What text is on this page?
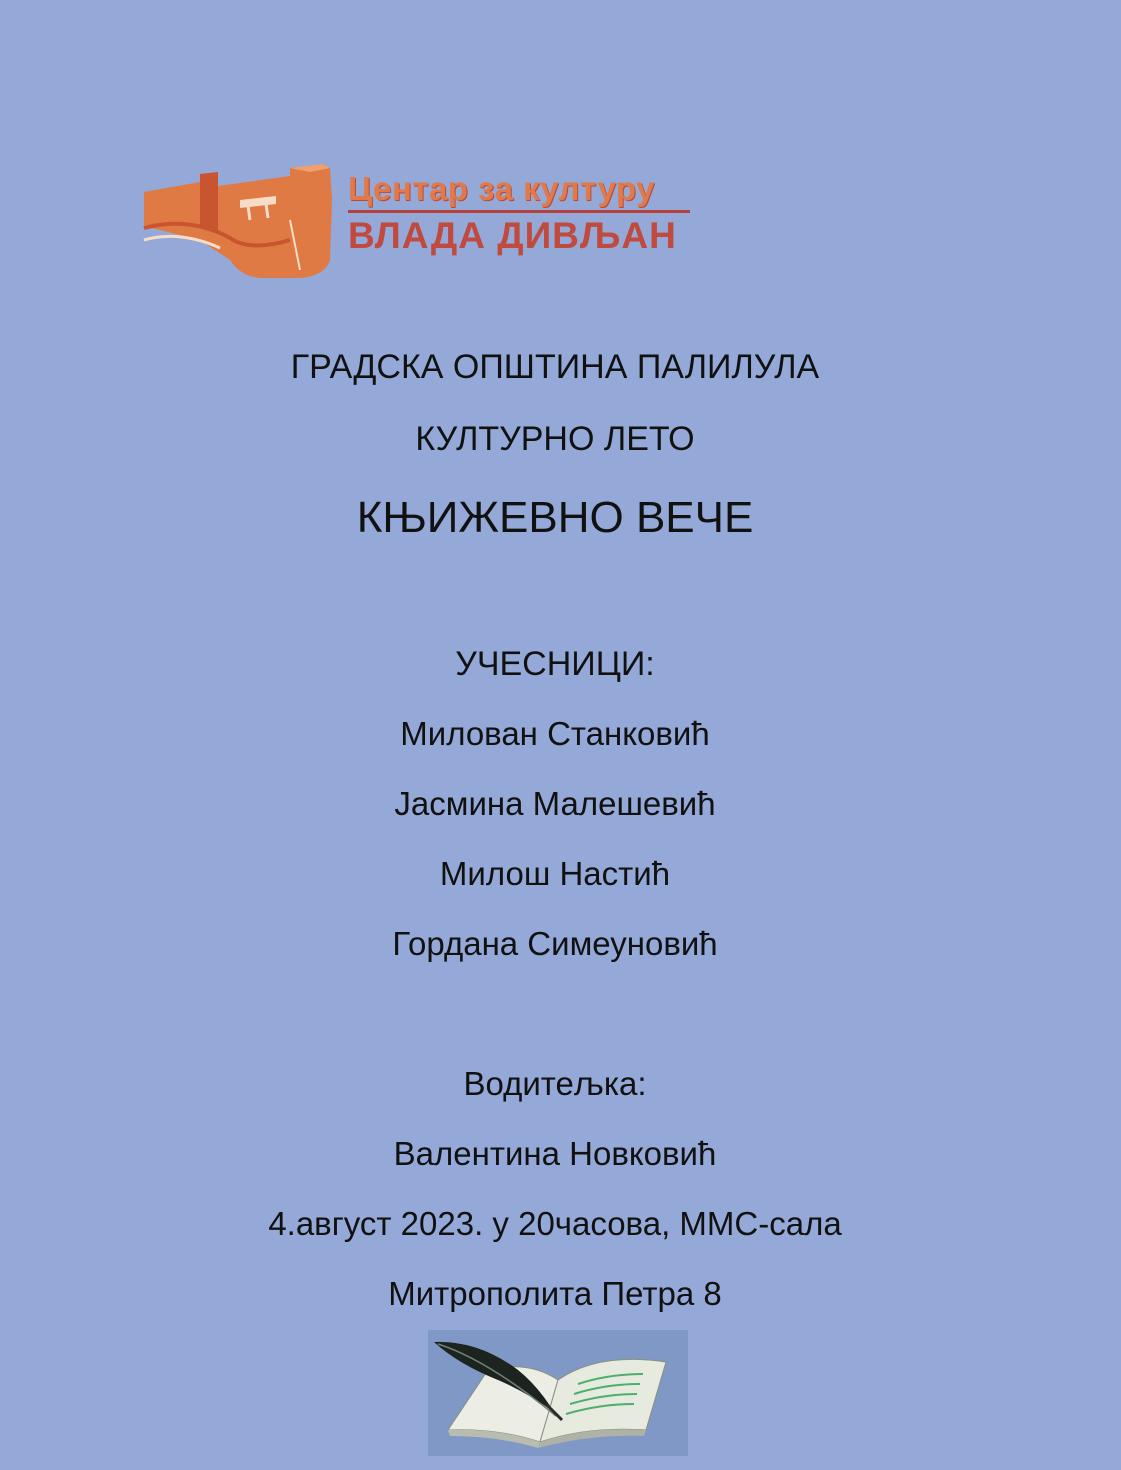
Центар за културу
ВЛАДА ДИВЉАН
ГРАДСКА ОПШТИНА ПАЛИЛУЛА
КУЛТУРНО ЛЕТО
КЊИЖЕВНО ВЕЧЕ
УЧЕСНИЦИ:
Милован Станковић
Јасмина Малешевић
Милош Настић
Гордана Симеуновић
Водитељка:
Валентина Новковић
4.август 2023. у 20часова, ММС-сала
Митрополита Петра 8
